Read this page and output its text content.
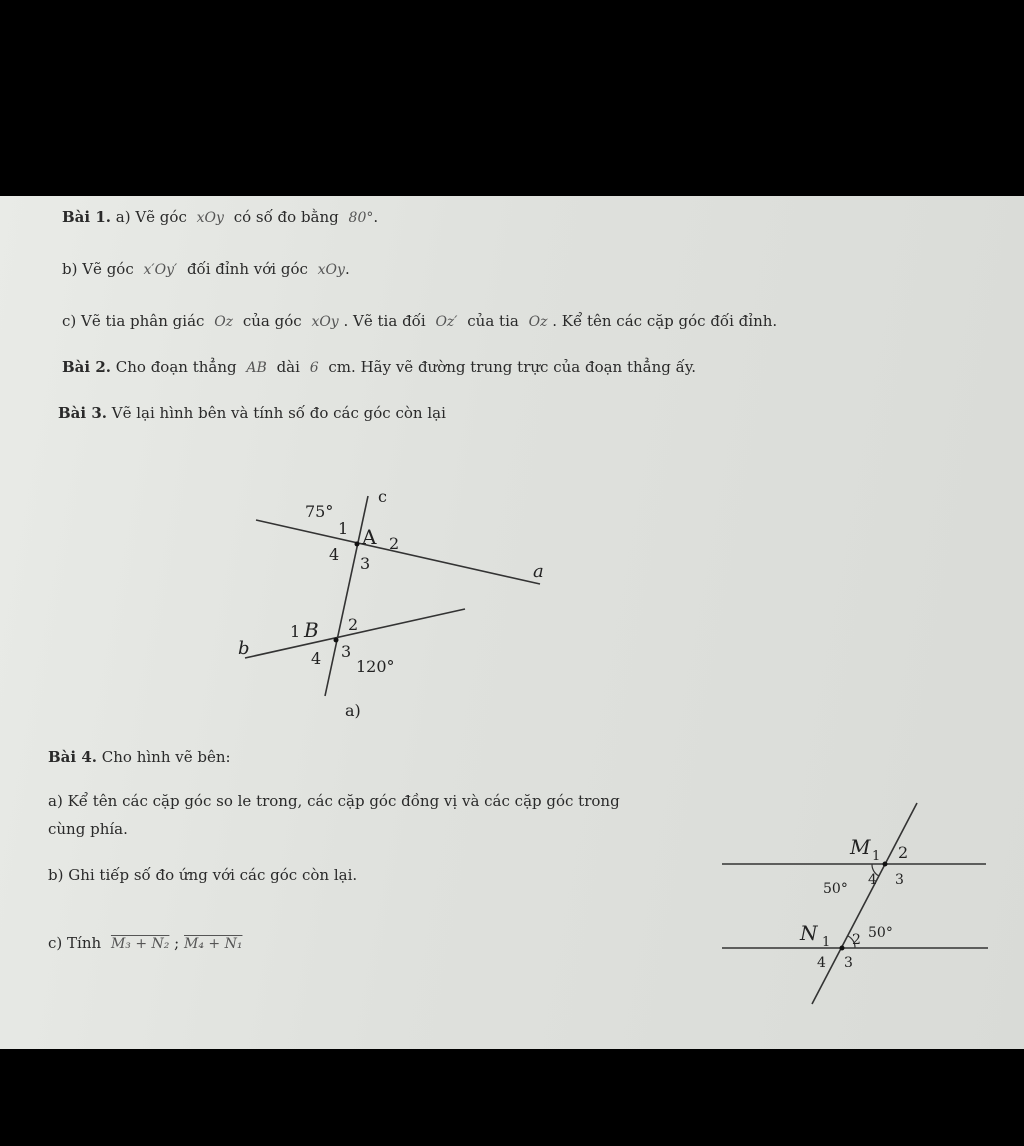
Bài 1. a) Vẽ góc xOy có số đo bằng 80°.
b) Vẽ góc x′Oy′ đối đỉnh với góc xOy.
c) Vẽ tia phân giác Oz của góc xOy . Vẽ tia đối Oz′ của tia Oz . Kể tên các cặp góc đối đỉnh.
Bài 2. Cho đoạn thẳng AB dài 6 cm. Hãy vẽ đường trung trực của đoạn thẳng ấy.
Bài 3. Vẽ lại hình bên và tính số đo các góc còn lại
75°
c
1 A 2
4 3	a
1 B 2
b	4 3
120°
a)
M 1 2
50°
4 3
N 1 2 50°
4 3
Bài 4. Cho hình vẽ bên:
a) Kể tên các cặp góc so le trong, các cặp góc đồng vị và các cặp góc trong
cùng phía.
b) Ghi tiếp số đo ứng với các góc còn lại.
c) Tính M₃ + N₂ ; M₄ + N₁
